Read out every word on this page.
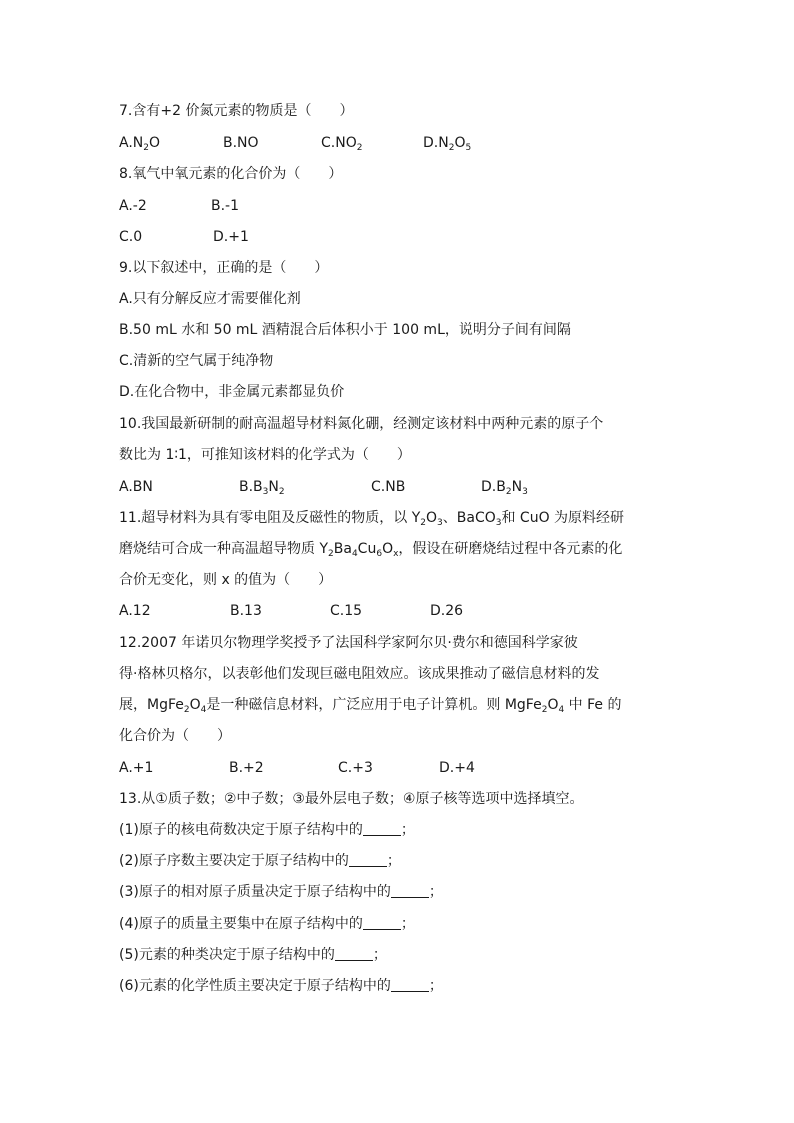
7.含有+2 价氮元素的物质是（　　）
$A.N_2O$	B.NO	$C.NO_2$	$D.N_2O_5$
8.氧气中氧元素的化合价为（　　）
A.-2	B.-1
C.0	D.+1
9.以下叙述中，正确的是（　　）
A.只有分解反应才需要催化剂
B.50 mL 水和 50 mL 酒精混合后体积小于 100 mL，说明分子间有间隔
C.清新的空气属于纯净物
D.在化合物中，非金属元素都显负价
10.我国最新研制的耐高温超导材料氮化硼，经测定该材料中两种元素的原子个
数比为 1∶1，可推知该材料的化学式为（　　）
A.BN	$B.B_3N_2$	C.NB	$D.B_2N_3$
11.超导材料为具有零电阻及反磁性的物质，以 $Y_2O_3$、BaCO$_3$和 CuO 为原料经研
磨烧结可合成一种高温超导物质 $Y_2Ba_4Cu_6O_x$，假设在研磨烧结过程中各元素的化
合价无变化，则 x 的值为（　　）
A.12	B.13	C.15	D.26
12.2007 年诺贝尔物理学奖授予了法国科学家阿尔贝·费尔和德国科学家彼
得·格林贝格尔，以表彰他们发现巨磁电阻效应。该成果推动了磁信息材料的发
展，$MgFe_2O_4$是一种磁信息材料，广泛应用于电子计算机。则 $MgFe_2O_4$ 中 Fe 的
化合价为（　　）
A.+1	B.+2	C.+3	D.+4
13.从①质子数；②中子数；③最外层电子数；④原子核等选项中选择填空。
(1)原子的核电荷数决定于原子结构中的	；
(2)原子序数主要决定于原子结构中的	；
(3)原子的相对原子质量决定于原子结构中的	；
(4)原子的质量主要集中在原子结构中的	；
(5)元素的种类决定于原子结构中的	；
(6)元素的化学性质主要决定于原子结构中的	；
